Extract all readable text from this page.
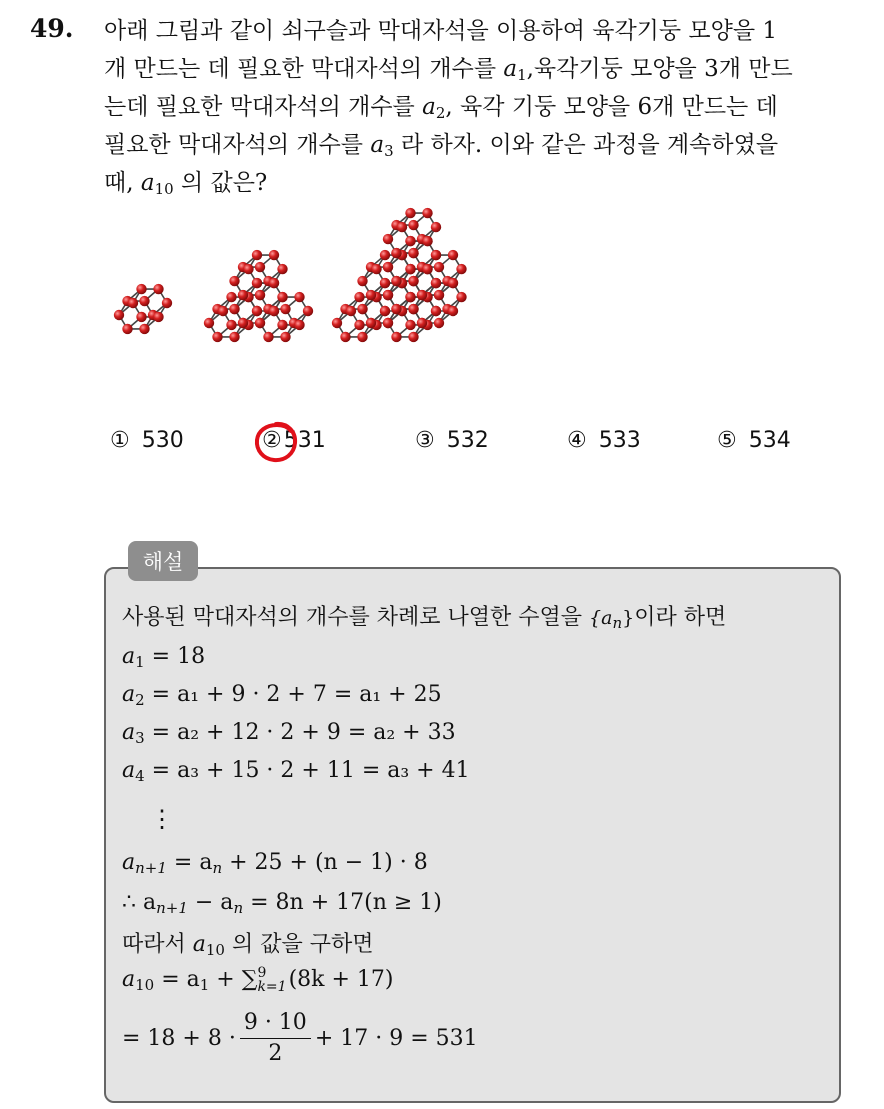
49. 아래 그림과 같이 쇠구슬과 막대자석을 이용하여 육각기둥 모양을 1
개 만드는 데 필요한 막대자석의 개수를 $a_1$,육각기둥 모양을 3개 만드
는데 필요한 막대자석의 개수를 $a_2$, 육각 기둥 모양을 6개 만드는 데
필요한 막대자석의 개수를 $a_3$ 라 하자. 이와 같은 과정을 계속하였을
때, $a_{10}$ 의 값은?
① 530	②531	③ 532	④ 533	⑤ 534
해설
사용된 막대자석의 개수를 차례로 나열한 수열을 $\{a_n\}$이라 하면
$a_1 = 18$
$a_2 = a_1 + 9 \cdot 2 + 7 = a_1 + 25$
$a_3 = a_2 + 12 \cdot 2 + 9 = a_2 + 33$
$a_4 = a_3 + 15 \cdot 2 + 11 = a_3 + 41$
⋮
$a_{n+1} = a_n + 25 + (n - 1) \cdot 8$
∴ $a_{n+1} - a_n = 8n + 17(n \ge 1)$
따라서 $a_{10}$ 의 값을 구하면
$a_{10} = a_1$ + ∑ 9
k=1 (8k + 17)
= $18 + 8 \cdot \frac{9 \cdot 10}{2} + 17 \cdot 9 = 531$
